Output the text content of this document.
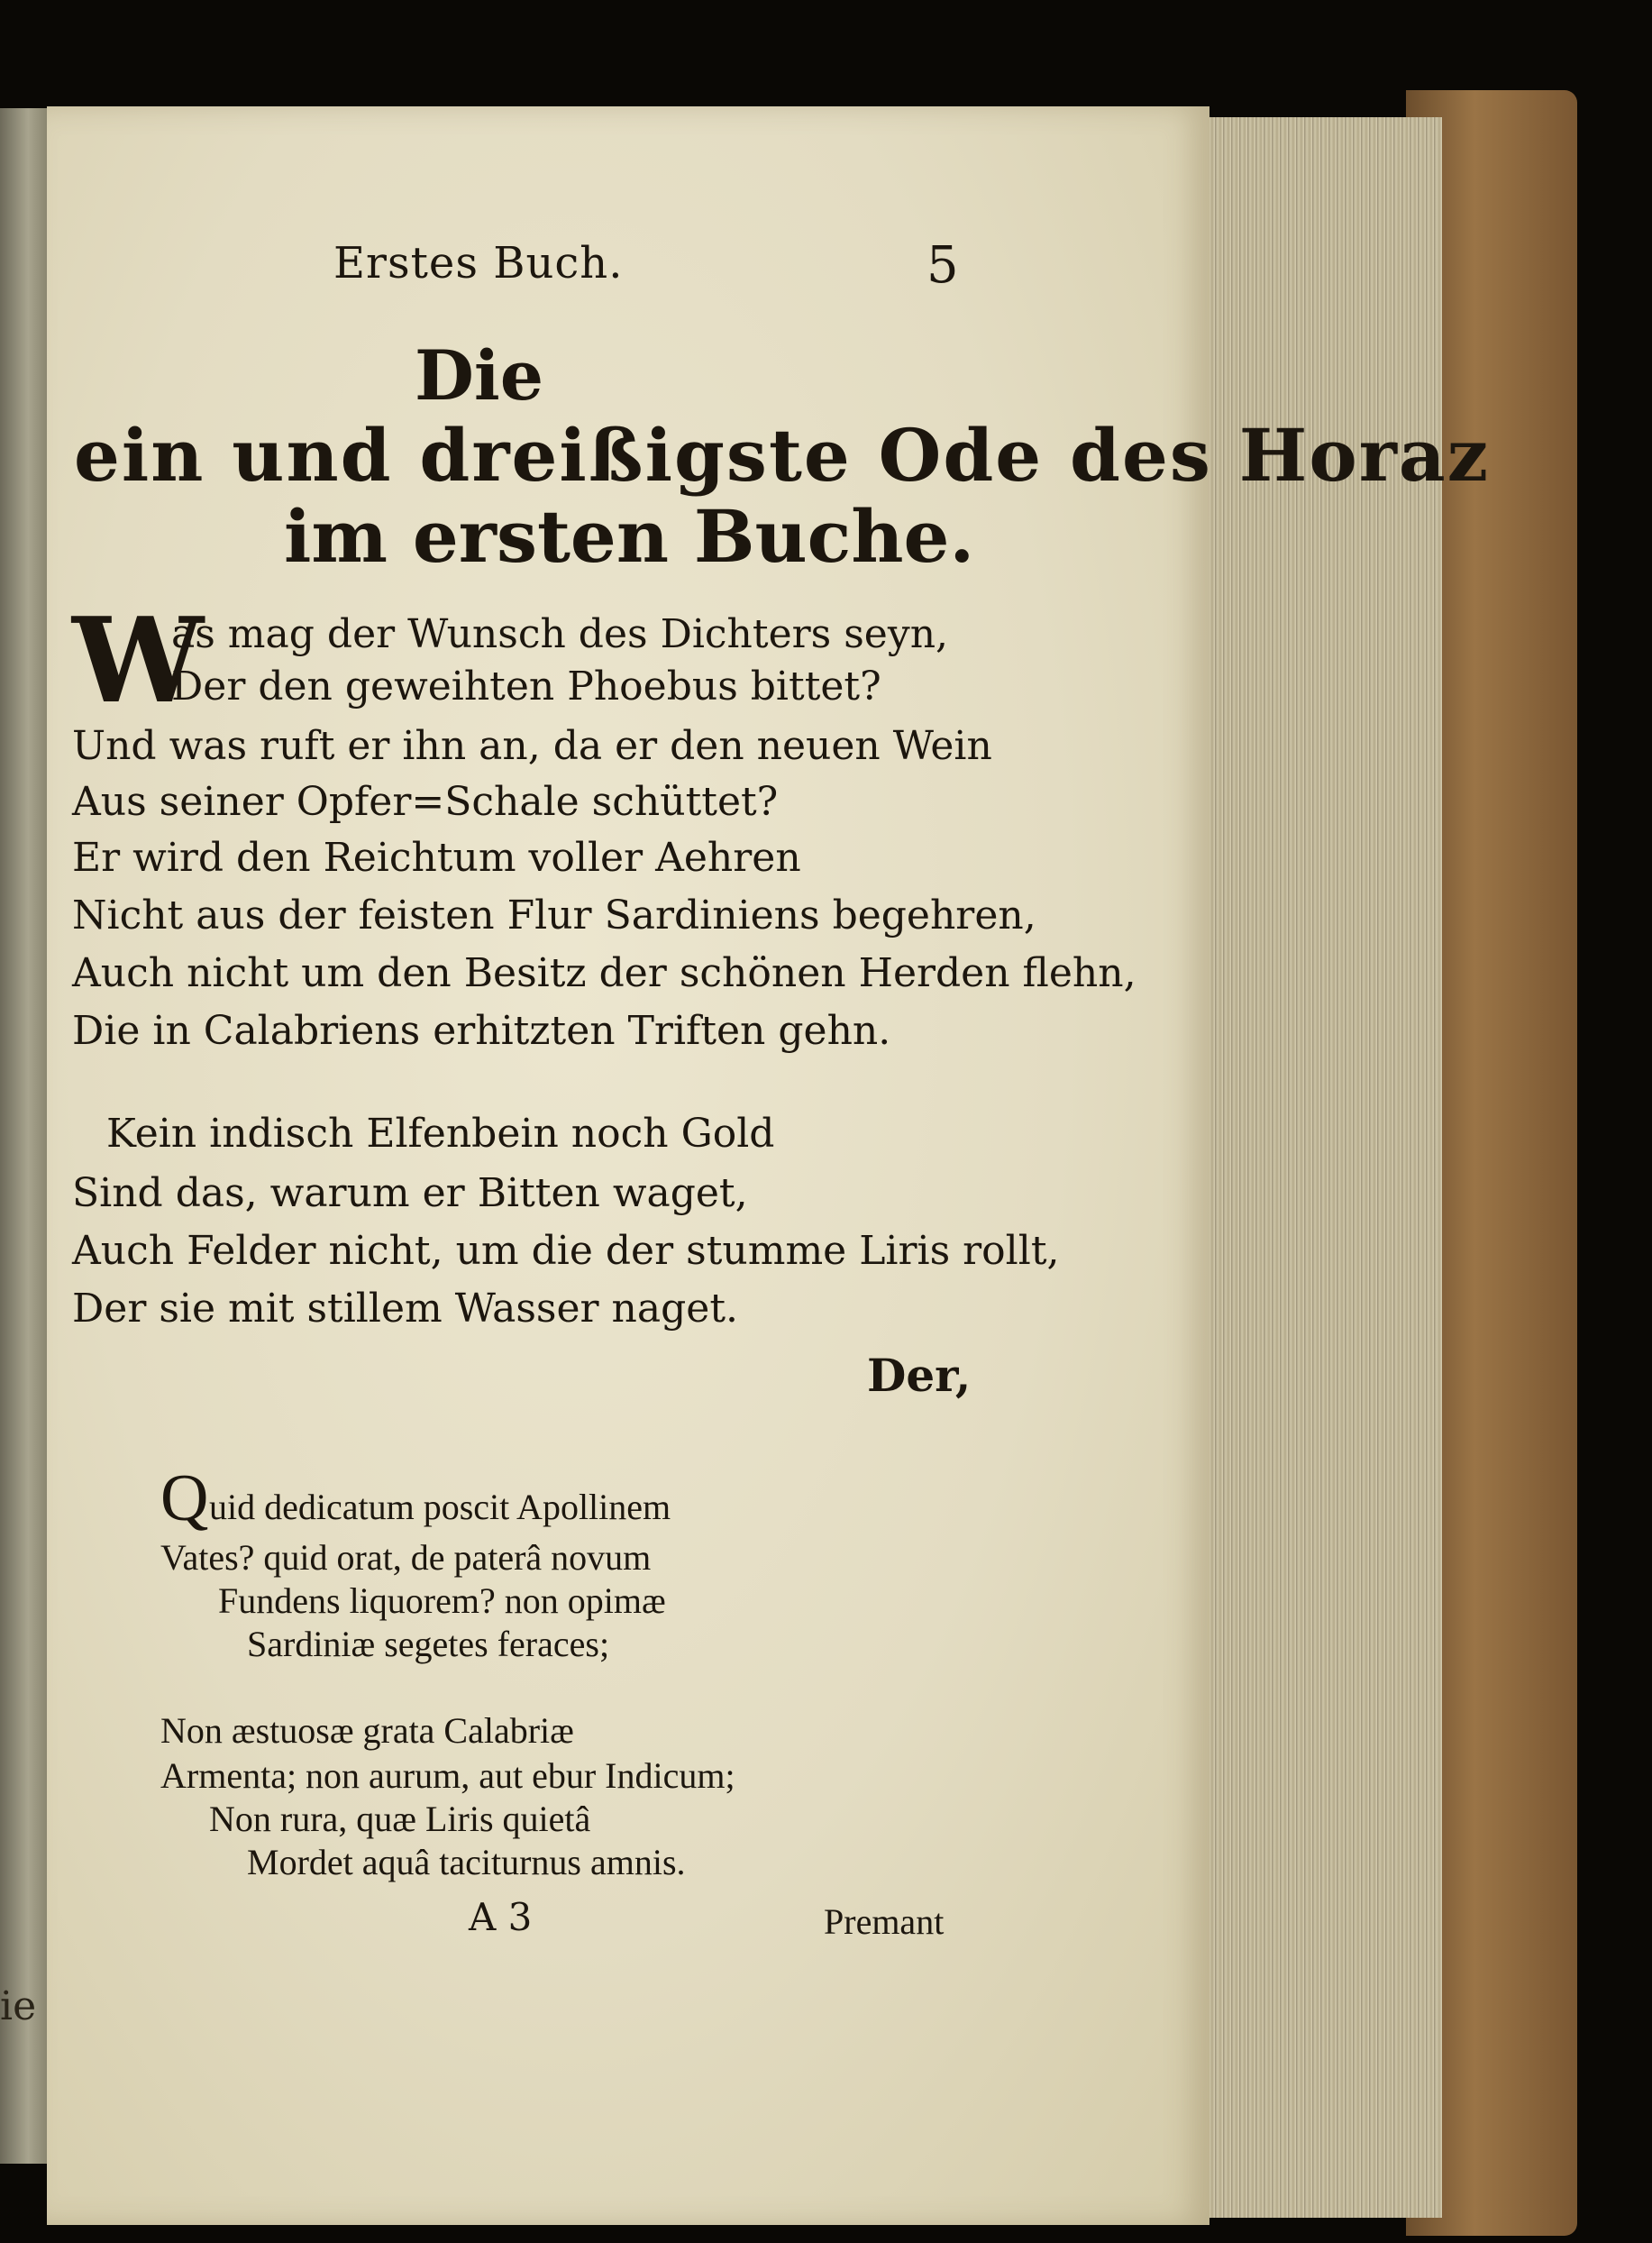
ie
Erstes Buch.	5
Die
ein und dreißigste Ode des Horaz
im ersten Buche.
W
as mag der Wunsch des Dichters seyn,
Der den geweihten Phoebus bittet?
Und was ruft er ihn an, da er den neuen Wein
Aus seiner Opfer=Schale schüttet?
Er wird den Reichtum voller Aehren
Nicht aus der feisten Flur Sardiniens begehren,
Auch nicht um den Besitz der schönen Herden flehn,
Die in Calabriens erhitzten Triften gehn.
Kein indisch Elfenbein noch Gold
Sind das, warum er Bitten waget,
Auch Felder nicht, um die der stumme Liris rollt,
Der sie mit stillem Wasser naget.
Der,
Q uid dedicatum poscit Apollinem
Vates? quid orat, de paterâ novum
Fundens liquorem? non opimæ
Sardiniæ segetes feraces;
Non æstuosæ grata Calabriæ
Armenta; non aurum, aut ebur Indicum;
Non rura, quæ Liris quietâ
Mordet aquâ taciturnus amnis.
A 3	Premant
